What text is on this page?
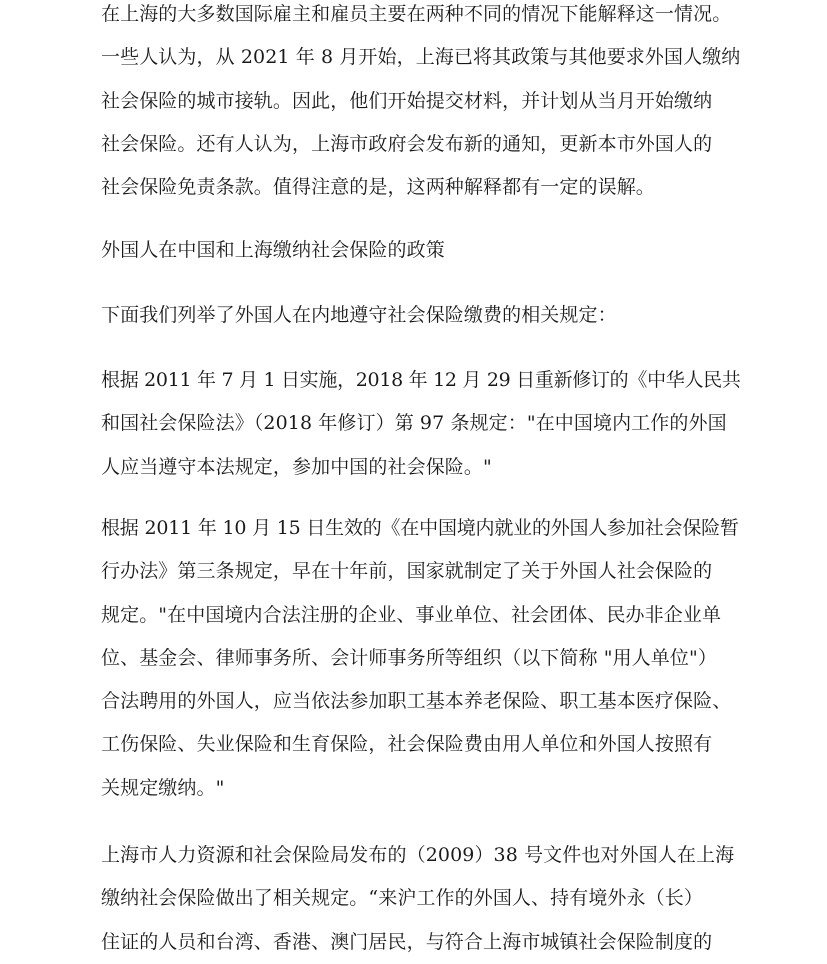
在上海的大多数国际雇主和雇员主要在两种不同的情况下能解释这一情况。
一些人认为，从 2021 年 8 月开始，上海已将其政策与其他要求外国人缴纳
社会保险的城市接轨。因此，他们开始提交材料，并计划从当月开始缴纳
社会保险。还有人认为，上海市政府会发布新的通知，更新本市外国人的
社会保险免责条款。值得注意的是，这两种解释都有一定的误解。
外国人在中国和上海缴纳社会保险的政策
下面我们列举了外国人在内地遵守社会保险缴费的相关规定：
根据 2011 年 7 月 1 日实施，2018 年 12 月 29 日重新修订的《中华人民共
和国社会保险法》（2018 年修订）第 97 条规定："在中国境内工作的外国
人应当遵守本法规定，参加中国的社会保险。"
根据 2011 年 10 月 15 日生效的《在中国境内就业的外国人参加社会保险暂
行办法》第三条规定，早在十年前，国家就制定了关于外国人社会保险的
规定。"在中国境内合法注册的企业、事业单位、社会团体、民办非企业单
位、基金会、律师事务所、会计师事务所等组织（以下简称 "用人单位"）
合法聘用的外国人，应当依法参加职工基本养老保险、职工基本医疗保险、
工伤保险、失业保险和生育保险，社会保险费由用人单位和外国人按照有
关规定缴纳。"
上海市人力资源和社会保险局发布的（2009）38 号文件也对外国人在上海
缴纳社会保险做出了相关规定。“来沪工作的外国人、持有境外永（长）
住证的人员和台湾、香港、澳门居民，与符合上海市城镇社会保险制度的
